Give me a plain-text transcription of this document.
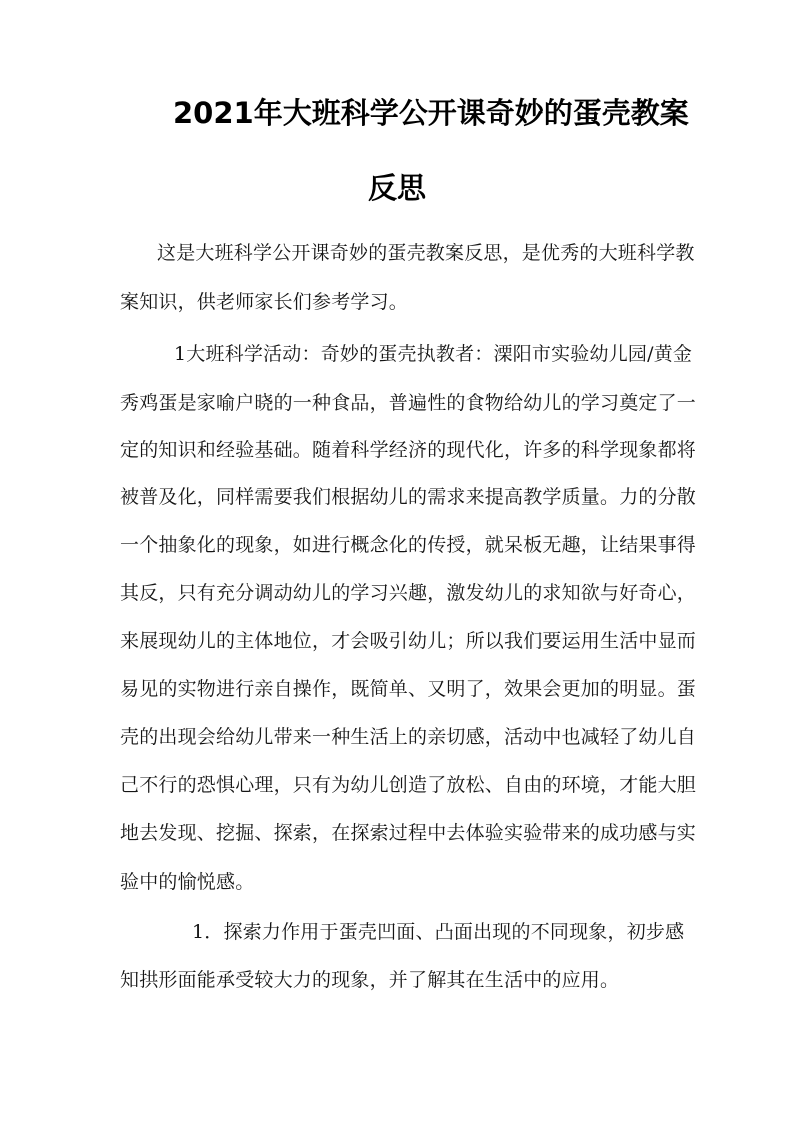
2021年大班科学公开课奇妙的蛋壳教案
反思
这是大班科学公开课奇妙的蛋壳教案反思，是优秀的大班科学教
案知识，供老师家长们参考学习。
1大班科学活动：奇妙的蛋壳执教者：溧阳市实验幼儿园/黄金
秀鸡蛋是家喻户晓的一种食品，普遍性的食物给幼儿的学习奠定了一
定的知识和经验基础。随着科学经济的现代化，许多的科学现象都将
被普及化，同样需要我们根据幼儿的需求来提高教学质量。力的分散
一个抽象化的现象，如进行概念化的传授，就呆板无趣，让结果事得
其反，只有充分调动幼儿的学习兴趣，激发幼儿的求知欲与好奇心，
来展现幼儿的主体地位，才会吸引幼儿；所以我们要运用生活中显而
易见的实物进行亲自操作，既简单、又明了，效果会更加的明显。蛋
壳的出现会给幼儿带来一种生活上的亲切感，活动中也减轻了幼儿自
己不行的恐惧心理，只有为幼儿创造了放松、自由的环境，才能大胆
地去发现、挖掘、探索，在探索过程中去体验实验带来的成功感与实
验中的愉悦感。
1．探索力作用于蛋壳凹面、凸面出现的不同现象，初步感
知拱形面能承受较大力的现象，并了解其在生活中的应用。
